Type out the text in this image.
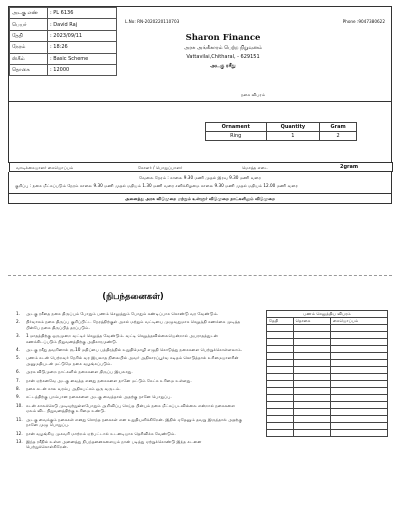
அடகு எண்	: PL 6136
பெயர்	: David Raj
தேதி	: 2023/09/11
நேரம்	: 18:26
ஸ்கீம்	: Basic Scheme
தொகை	: 12000
L.No: RN-2020220110703	Phone :9047380622
Sharon Finance
அரசு அங்கீகாரம் பெற்ற நிறுவனம்
Vattavilai,Chitharal, - 629151
அடகு ரசீது
நகை விபரம்
Ornament	Quantity	Gram
Ring	1	2
வாடிக்கையாளர் கையொப்பம்	கோளர் / பொறுப்பாளர்	மொத்த எடை	2gram
வேலை நேரம் : காலை 9.30 மணி முதல் இரவு 9.30 மணி வரை
குறிப்பு : நகை மீட்கப்படும் நேரம் காலை 9.30 மணி முதல் மதியம் 1.30 மணி வரை சனிக்கிழமை காலை 9.30 மணி முதல் மதியம் 12.00 மணி வரை
அனைத்து அரசு விடுமுறை மற்றும் உள்ளூர் விடுமுறை நாட்களிலும் விடுமுறை
(நிபந்தனைகள்)
1.	அடகு ரசீதை நகை திருப்பும் போதும் பணம் செலுத்தும் போதும் கண்டிப்பாக கொண்டு வர வேண்டும்.
2.	நிர்வாகம் நகை திருப்ப குறிப்பிட்ட நேரத்திற்குள் அசல் மற்றும் வட்டியை முழுவதுமாக செலுத்தி கணக்கை முடித்த பின்பே நகை திருப்பித் தரப்படும்.
3.	1 மாதத்திற்கு ஒருமுறை வட்டிச் செலுத்த வேண்டும். வட்டி செலுத்தவில்லையென்றால் அபராதத்துடன் கணக்கிடப்படும் நிறுவனத்திற்கு அதிகாரமுண்டு.
4.	அடகு ரசீது தவறினால் ரூ.10 மதிப்பை பத்திரத்தில் உறுதிமொழி எழுதி கொடுத்து நகைகளை பெற்றுக்கொள்ளலாம்.
5.	பணம் கடன் பெற்றவர் நேரில் வர இயலாத நிலையில் அவர் அதிகாரப்பூர்வ கடிதம் கொடுத்தால் உரிமையாளரின் அனுமதியுடன் மட்டுமே நகை வழங்கப்படும்.
6.	அரசு விடுமுறை நாட்களில் நகைகளை திருப்ப இயலாது.
7.	நான் ஏற்கனவே அடகு வைத்த எனது நகைகளை நானே மட்டும் கேட்க உரிமை உள்ளது.
8.	நகை கடன் கால வரம்பு அதிகபட்சம் ஒரு வருடம்.
9.	சட்டத்திற்கு புறம்பான நகைகளை அடகு வைத்தால் அதற்கு நானே பொறுப்பு.
10. கடன் காலக்கெடு முடிவுற்றுள்ளபோதும் அறிவிப்பு செய்த பின்பும் நகை மீட்கப்படவில்லை என்றால் நகைகளை ஏலம் விட நிறுவனத்திற்கு உரிமை உண்டு.
11. அடகு வைக்கும் நகைகள் எனது சொந்த நகைகள் என உறுதியளிக்கிறேன். இதில் ஏதேனும் தவறு இருந்தால் அதற்கு நானே முழு பொறுப்பு.
12. நான் வழங்கிய முகவரி மாற்றம் ஏற்பட்டால் உடனடியாக தெரிவிக்க வேண்டும்.
13. இந்த ரசீதில் உள்ள அனைத்து நிபந்தனைகளையும் நான் படித்து ஏற்றுக்கொண்டு இந்த கடனை பெற்றுக்கொள்கிறேன்.
பணம் செலுத்திய விபரம்		
தேதி	தொகை	கையொப்பம்
